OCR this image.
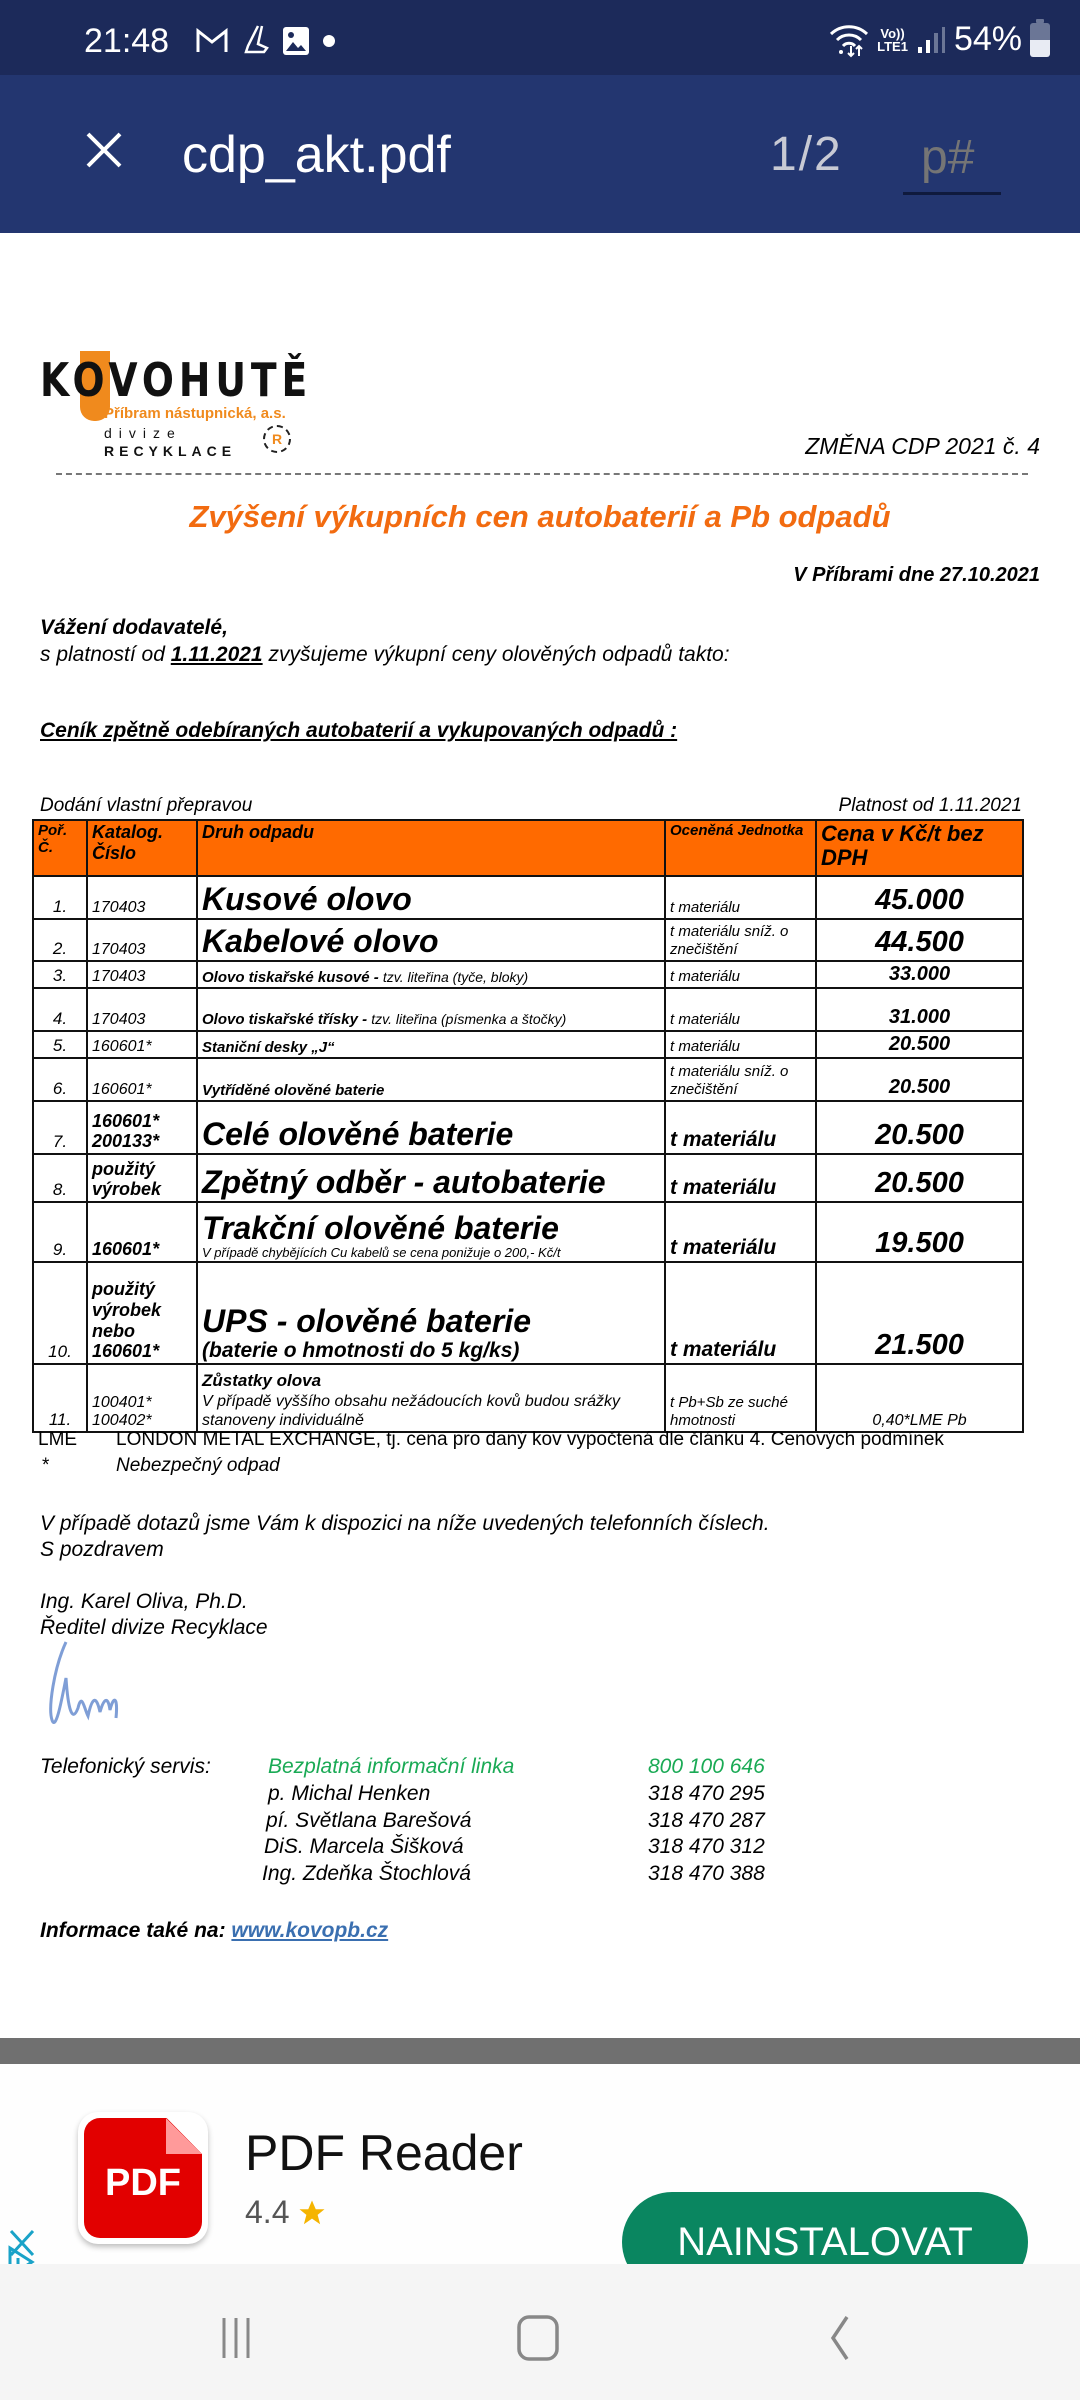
21:48	Vo))
LTE1 54%
cdp_akt.pdf	1/2
p#
KOVOHUTĚ
Příbram nástupnická, a.s.
divize
RECYKLACE
R	ZMĚNA CDP 2021 č. 4
Zvýšení výkupních cen autobaterií a Pb odpadů
V Příbrami dne 27.10.2021
Vážení dodavatelé,
s platností od 1.11.2021 zvyšujeme výkupní ceny olověných odpadů takto:
Ceník zpětně odebíraných autobaterií a vykupovaných odpadů :
Dodání vlastní přepravou	Platnost od 1.11.2021
Poř. Č.	Katalog. Číslo	Druh odpadu	Oceněná Jednotka	Cena v Kč/t bez DPH
1.	170403	Kusové olovo	t materiálu	45.000
2.	170403	Kabelové olovo	t materiálu sníž. o znečištění	44.500
3.	170403	Olovo tiskařské kusové - tzv. liteřina (tyče, bloky)	t materiálu	33.000
4.	170403	Olovo tiskařské třísky - tzv. liteřina (písmenka a štočky)	t materiálu	31.000
5.	160601*	Staniční desky „J“	t materiálu	20.500
6.	160601*	Vytříděné olověné baterie	t materiálu sníž. o znečištění	20.500
7.	160601* 200133*	Celé olověné baterie	t materiálu	20.500
8.	použitý výrobek	Zpětný odběr - autobaterie	t materiálu	20.500
9.	160601*	Trakční olověné baterie
V případě chybějících Cu kabelů se cena ponižuje o 200,- Kč/t	t materiálu	19.500
10.	použitý výrobek nebo 160601*	UPS - olověné baterie
(baterie o hmotnosti do 5 kg/ks)	t materiálu	21.500
11.	100401* 100402*	Zůstatky olova
V případě vyššího obsahu nežádoucích kovů budou srážky stanoveny individuálně	t Pb+Sb ze suché hmotnosti	0,40*LME Pb
LME LONDON METAL EXCHANGE, tj. cena pro daný kov vypočtená dle článku 4. Cenových podmínek
*	Nebezpečný odpad
V případě dotazů jsme Vám k dispozici na níže uvedených telefonních číslech.
S pozdravem
Ing. Karel Oliva, Ph.D.
Ředitel divize Recyklace
Telefonický servis:	Bezplatná informační linka	800 100 646
p. Michal Henken	318 470 295
pí. Světlana Barešová	318 470 287
DiS. Marcela Šišková	318 470 312
Ing. Zdeňka Štochlová	318 470 388
Informace také na: www.kovopb.cz
PDF
PDF Reader
4.4
NAINSTALOVAT
